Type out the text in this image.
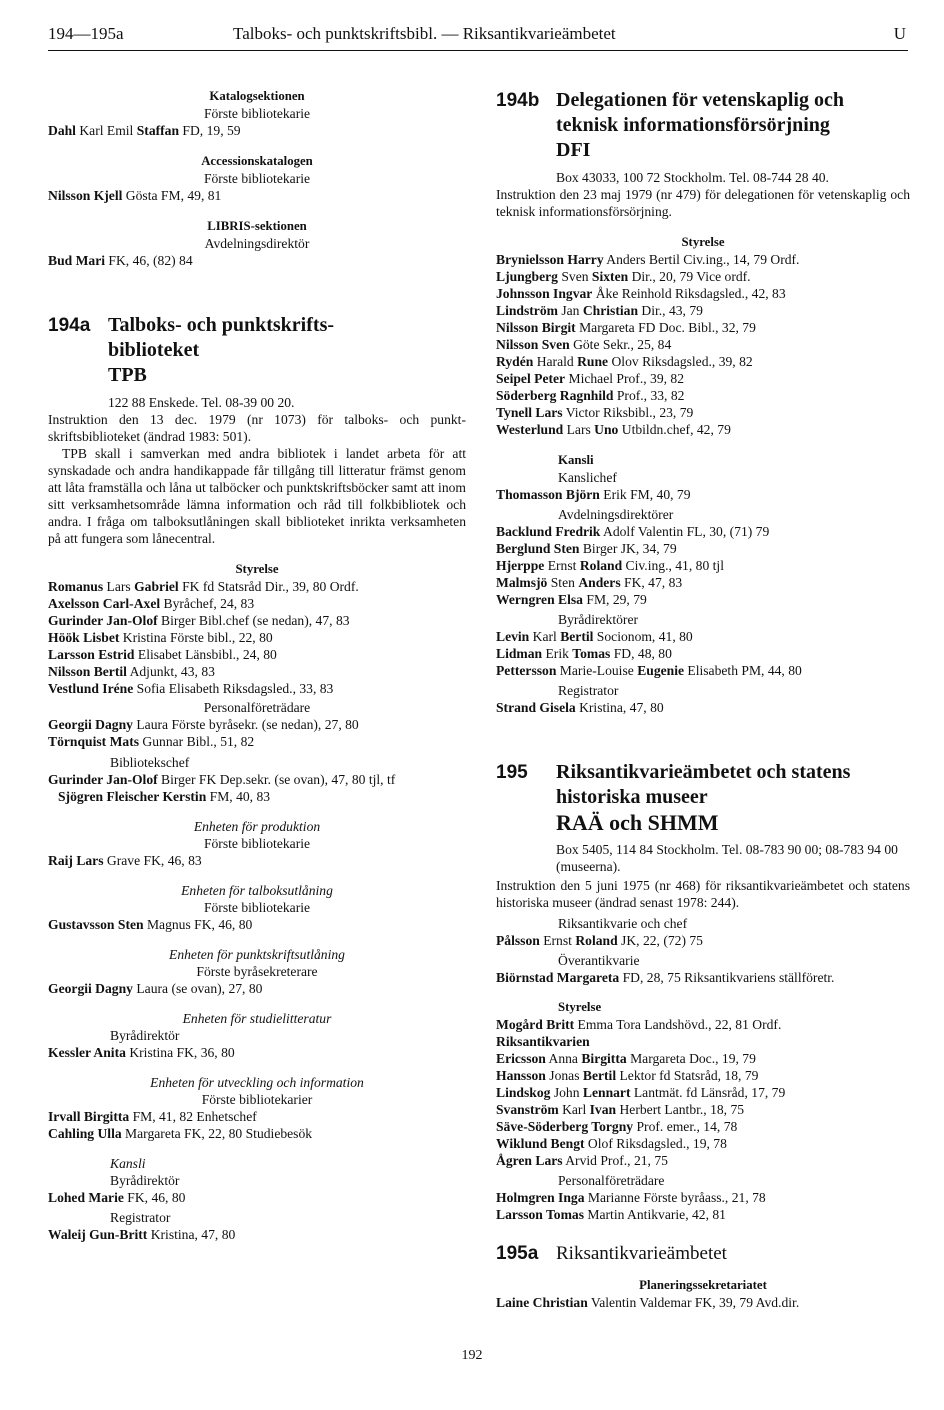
194—195a	Talboks- och punktskriftsbibl. — Riksantikvarieämbetet	U

Katalogsektionen

Förste bibliotekarie

Dahl Karl Emil Staffan FD, 19, 59

Accessionskatalogen

Förste bibliotekarie

Nilsson Kjell Gösta FM, 49, 81

LIBRIS-sektionen

Avdelningsdirektör

Bud Mari FK, 46, (82) 84

194a Talboks- och punktskrifts-
biblioteket
TPB

122 88 Enskede. Tel. 08-39 00 20.

Instruktion den 13 dec. 1979 (nr 1073) för talboks- och punktskriftsbiblioteket (ändrad 1983: 501).

TPB skall i samverkan med andra bibliotek i landet arbeta för att synskadade och andra handikappade får tillgång till litteratur främst genom att låta framställa och låna ut talböcker och punktskriftsböcker samt att inom sitt verksamhetsområde lämna information och råd till folkbibliotek och andra. I fråga om talboksutlåningen skall biblioteket inrikta verksamheten på att fungera som lånecentral.

Styrelse

Romanus Lars Gabriel FK fd Statsråd Dir., 39, 80 Ordf.

Axelsson Carl-Axel Byråchef, 24, 83

Gurinder Jan-Olof Birger Bibl.chef (se nedan), 47, 83

Höök Lisbet Kristina Förste bibl., 22, 80

Larsson Estrid Elisabet Länsbibl., 24, 80

Nilsson Bertil Adjunkt, 43, 83

Vestlund Iréne Sofia Elisabeth Riksdagsled., 33, 83

Personalföreträdare

Georgii Dagny Laura Förste byråsekr. (se nedan), 27, 80

Törnquist Mats Gunnar Bibl., 51, 82

Bibliotekschef

Gurinder Jan-Olof Birger FK Dep.sekr. (se ovan), 47, 80 tjl, tf

Sjögren Fleischer Kerstin FM, 40, 83

Enheten för produktion

Förste bibliotekarie

Raij Lars Grave FK, 46, 83

Enheten för talboksutlåning

Förste bibliotekarie

Gustavsson Sten Magnus FK, 46, 80

Enheten för punktskriftsutlåning

Förste byråsekreterare

Georgii Dagny Laura (se ovan), 27, 80

Enheten för studielitteratur

Byrådirektör

Kessler Anita Kristina FK, 36, 80

Enheten för utveckling och information

Förste bibliotekarier

Irvall Birgitta FM, 41, 82 Enhetschef

Cahling Ulla Margareta FK, 22, 80 Studiebesök

Kansli

Byrådirektör

Lohed Marie FK, 46, 80

Registrator

Waleij Gun-Britt Kristina, 47, 80

194b Delegationen för vetenskaplig och
teknisk informationsförsörjning
DFI

Box 43033, 100 72 Stockholm. Tel. 08-744 28 40.

Instruktion den 23 maj 1979 (nr 479) för delegationen för vetenskaplig och teknisk informationsförsörjning.

Styrelse

Brynielsson Harry Anders Bertil Civ.ing., 14, 79 Ordf.

Ljungberg Sven Sixten Dir., 20, 79 Vice ordf.

Johnsson Ingvar Åke Reinhold Riksdagsled., 42, 83

Lindström Jan Christian Dir., 43, 79

Nilsson Birgit Margareta FD Doc. Bibl., 32, 79

Nilsson Sven Göte Sekr., 25, 84

Rydén Harald Rune Olov Riksdagsled., 39, 82

Seipel Peter Michael Prof., 39, 82

Söderberg Ragnhild Prof., 33, 82

Tynell Lars Victor Riksbibl., 23, 79

Westerlund Lars Uno Utbildn.chef, 42, 79

Kansli

Kanslichef

Thomasson Björn Erik FM, 40, 79

Avdelningsdirektörer

Backlund Fredrik Adolf Valentin FL, 30, (71) 79

Berglund Sten Birger JK, 34, 79

Hjerppe Ernst Roland Civ.ing., 41, 80 tjl

Malmsjö Sten Anders FK, 47, 83

Werngren Elsa FM, 29, 79

Byrådirektörer

Levin Karl Bertil Socionom, 41, 80

Lidman Erik Tomas FD, 48, 80

Pettersson Marie-Louise Eugenie Elisabeth PM, 44, 80

Registrator

Strand Gisela Kristina, 47, 80

195	Riksantikvarieämbetet och statens
historiska museer
RAÄ och SHMM

Box 5405, 114 84 Stockholm. Tel. 08-783 90 00; 08-783 94 00 (museerna).

Instruktion den 5 juni 1975 (nr 468) för riksantikvarieämbetet och statens historiska museer (ändrad senast 1978: 244).

Riksantikvarie och chef

Pålsson Ernst Roland JK, 22, (72) 75

Överantikvarie

Biörnstad Margareta FD, 28, 75 Riksantikvariens ställföretr.

Styrelse

Mogård Britt Emma Tora Landshövd., 22, 81 Ordf.

Riksantikvarien

Ericsson Anna Birgitta Margareta Doc., 19, 79

Hansson Jonas Bertil Lektor fd Statsråd, 18, 79

Lindskog John Lennart Lantmät. fd Länsråd, 17, 79

Svanström Karl Ivan Herbert Lantbr., 18, 75

Säve-Söderberg Torgny Prof. emer., 14, 78

Wiklund Bengt Olof Riksdagsled., 19, 78

Ågren Lars Arvid Prof., 21, 75

Personalföreträdare

Holmgren Inga Marianne Förste byråass., 21, 78

Larsson Tomas Martin Antikvarie, 42, 81

195a Riksantikvarieämbetet

Planeringssekretariatet

Laine Christian Valentin Valdemar FK, 39, 79 Avd.dir.

192
